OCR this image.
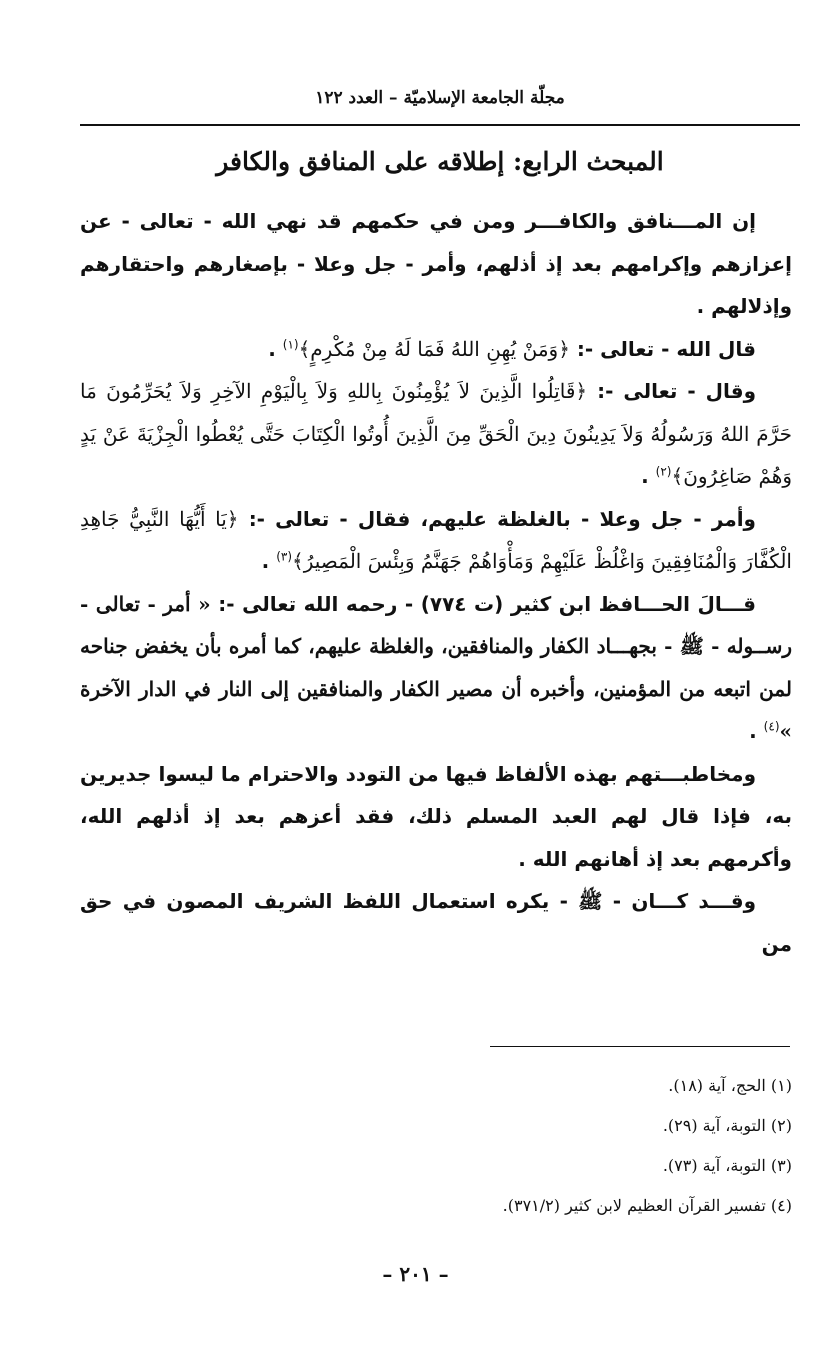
مجلّة الجامعة الإسلاميّة – العدد ١٢٢
المبحث الرابع: إطلاقه على المنافق والكافر

إن المـــنافق والكافـــر ومن في حكمهم قد نهي الله - تعالى - عن إعزازهم وإكرامهم بعد إذ أذلهم، وأمر - جل وعلا - بإصغارهم واحتقارهم وإذلالهم .

قال الله - تعالى -: ﴿وَمَنْ يُهِنِ اللهُ فَمَا لَهُ مِنْ مُكْرِمٍ﴾$^{(١)}$ .

وقال - تعالى -: ﴿قَاتِلُوا الَّذِينَ لاَ يُؤْمِنُونَ بِاللهِ وَلاَ بِالْيَوْمِ الآخِرِ وَلاَ يُحَرِّمُونَ مَا حَرَّمَ اللهُ وَرَسُولُهُ وَلاَ يَدِينُونَ دِينَ الْحَقِّ مِنَ الَّذِينَ أُوتُوا الْكِتَابَ حَتَّى يُعْطُوا الْجِزْيَةَ عَنْ يَدٍ وَهُمْ صَاغِرُونَ﴾$^{(٢)}$ .

وأمر - جل وعلا - بالغلظة عليهم، فقال - تعالى -: ﴿يَا أَيُّهَا النَّبِيُّ جَاهِدِ الْكُفَّارَ وَالْمُنَافِقِينَ وَاغْلُظْ عَلَيْهِمْ وَمَأْوَاهُمْ جَهَنَّمُ وَبِئْسَ الْمَصِيرُ﴾$^{(٣)}$ .

قـــالَ الحـــافظ ابن كثير (ت ٧٧٤) - رحمه الله تعالى -: « أمر - تعالى - رســوله - ﷺ - بجهـــاد الكفار والمنافقين، والغلظة عليهم، كما أمره بأن يخفض جناحه لمن اتبعه من المؤمنين، وأخبره أن مصير الكفار والمنافقين إلى النار في الدار الآخرة »$^{(٤)}$ .

ومخاطبـــتهم بهذه الألفاظ فيها من التودد والاحترام ما ليسوا جديرين به، فإذا قال لهم العبد المسلم ذلك، فقد أعزهم بعد إذ أذلهم الله، وأكرمهم بعد إذ أهانهم الله .

وقـــد كـــان - ﷺ - يكره استعمال اللفظ الشريف المصون في حق من

(١) الحج، آية (١٨).
(٢) التوبة، آية (٢٩).
(٣) التوبة، آية (٧٣).
(٤) تفسير القرآن العظيم لابن كثير (٣٧١/٢).
– ٢٠١ –
